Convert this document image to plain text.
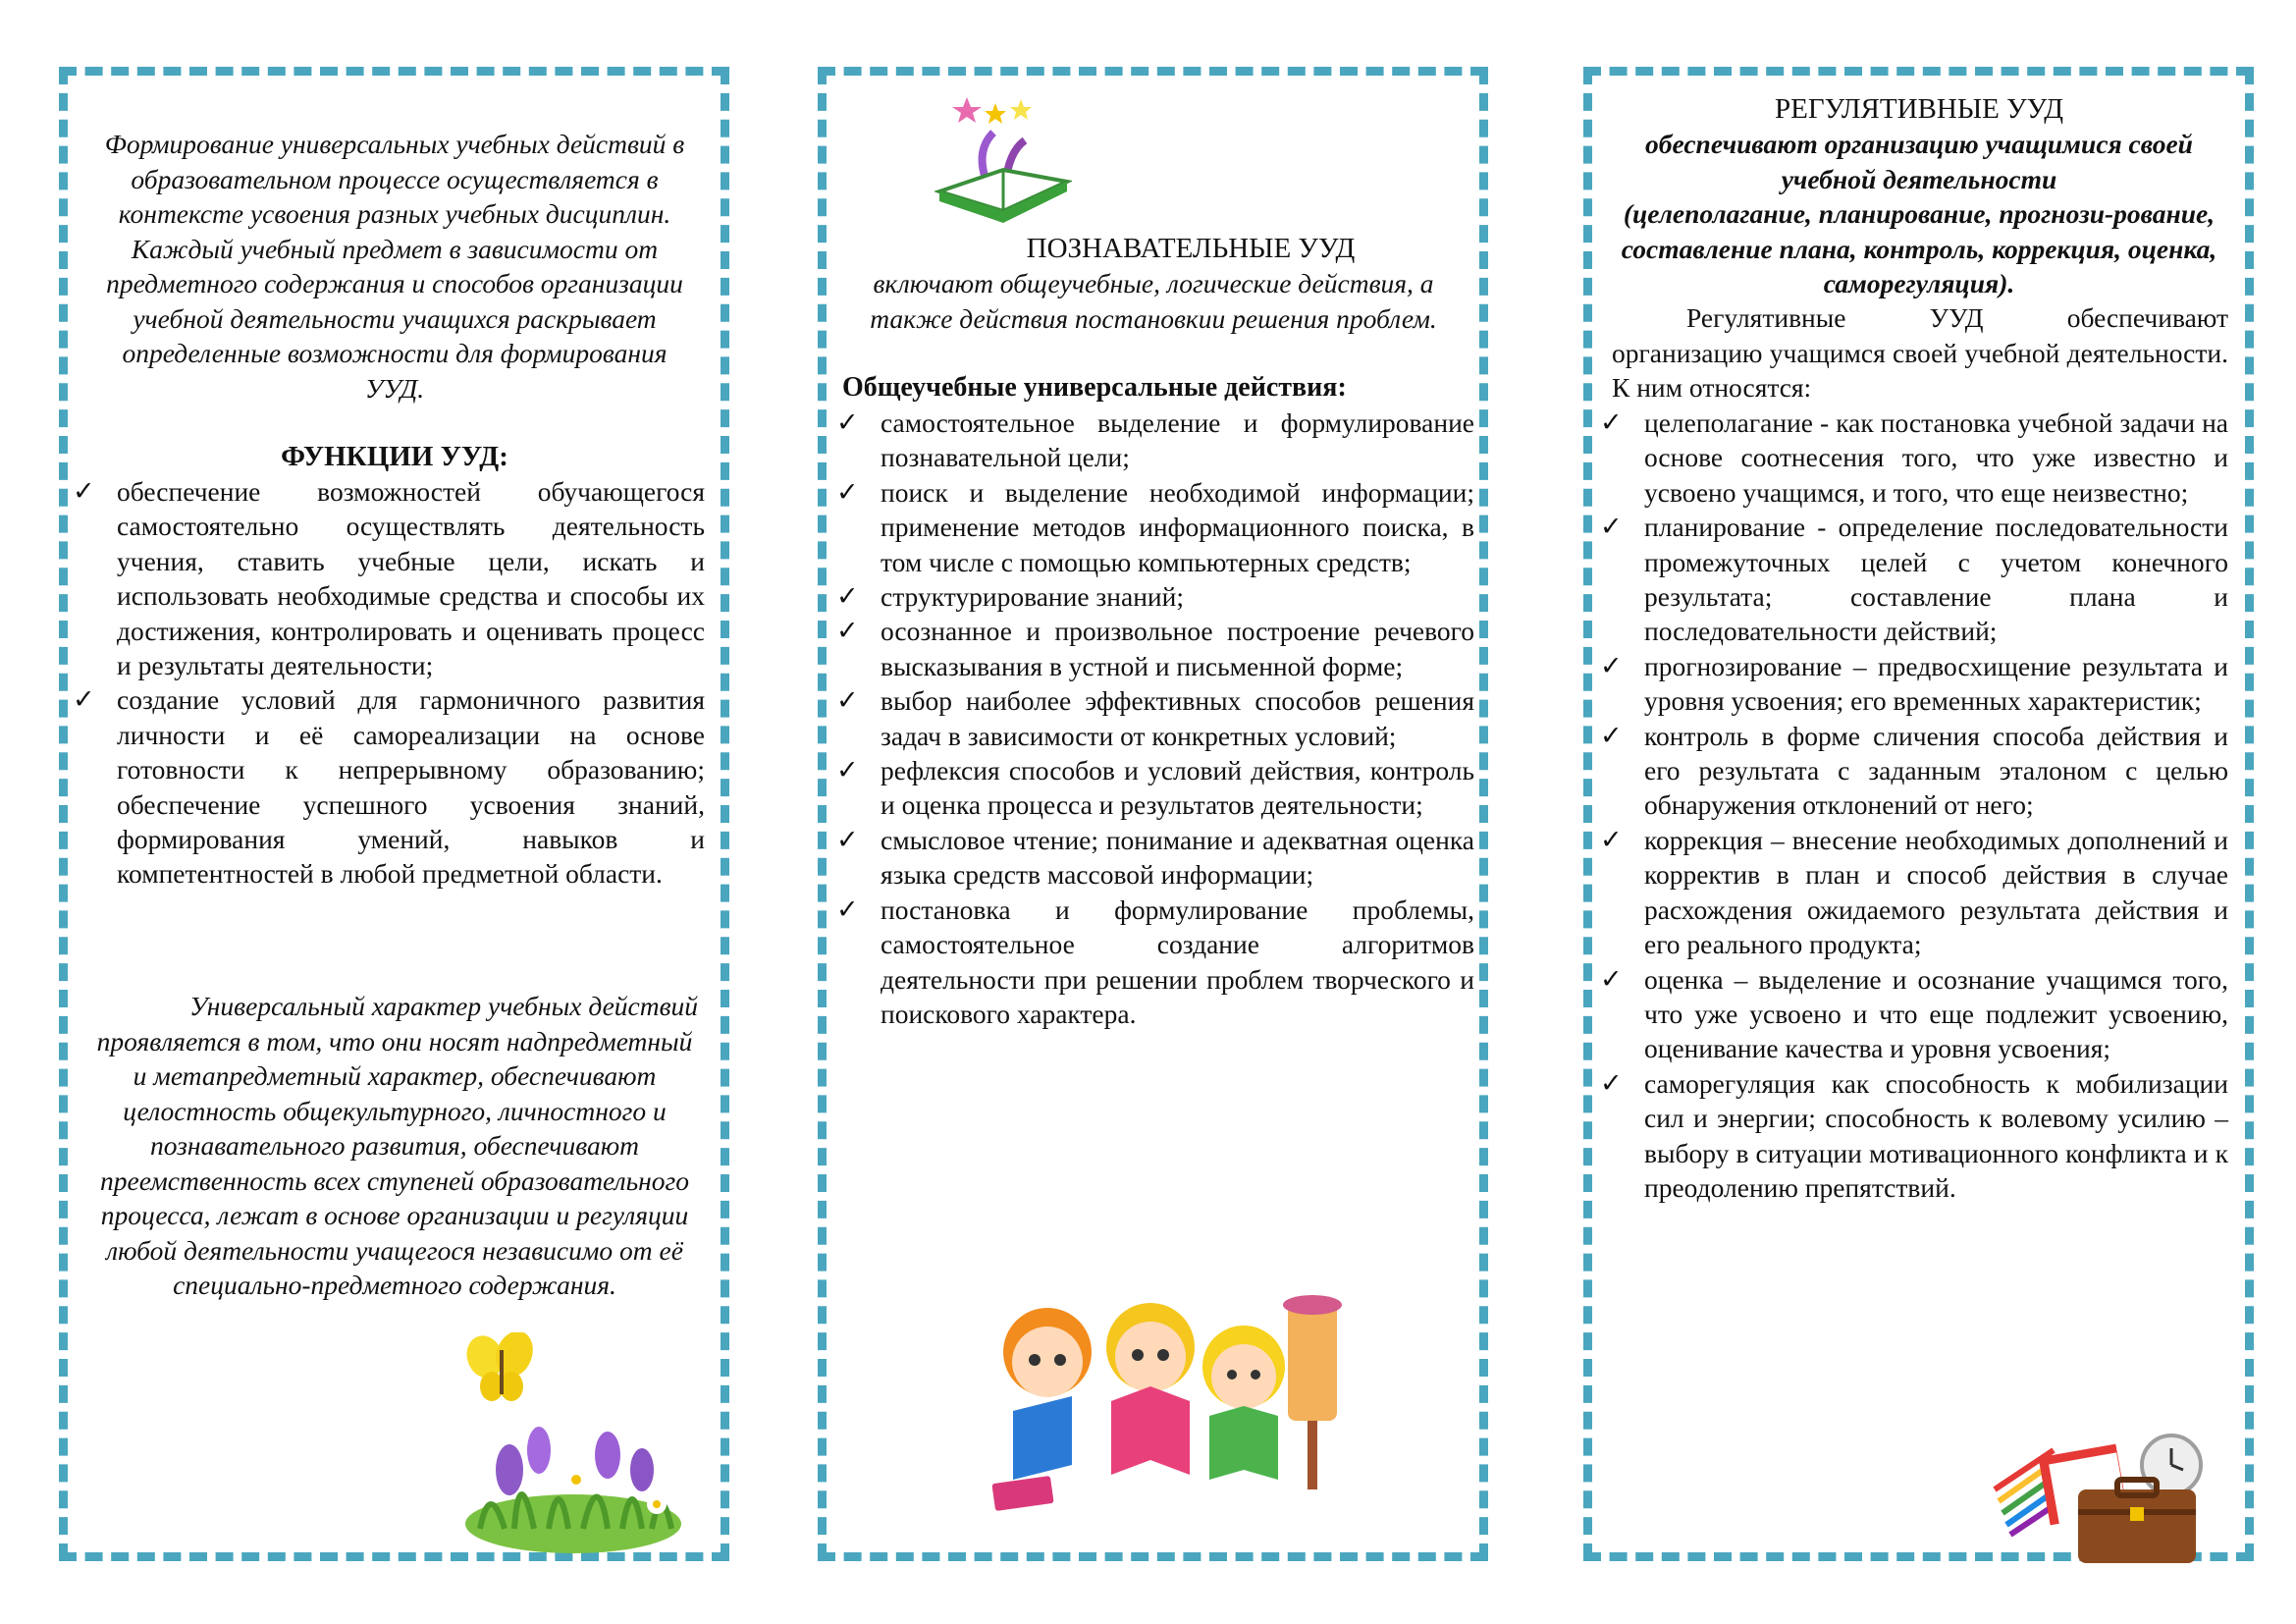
Формирование универсальных учебных действий в образовательном процессе осуществляется в контексте усвоения разных учебных дисциплин. Каждый учебный предмет в зависимости от предметного содержания и способов организации учебной деятельности учащихся раскрывает определенные возможности для формирования УУД.
ФУНКЦИИ УУД:
✓ обеспечение возможностей обучающегося самостоятельно осуществлять деятельность учения, ставить учебные цели, искать и использовать необходимые средства и способы их достижения, контролировать и оценивать процесс и результаты деятельности;
✓ создание условий для гармоничного развития личности и её самореализации на основе готовности к непрерывному образованию; обеспечение успешного усвоения знаний, формирования умений, навыков и компетентностей в любой предметной области.
Универсальный характер учебных действий проявляется в том, что они носят надпредметный и метапредметный характер, обеспечивают целостность общекультурного, личностного и познавательного развития, обеспечивают преемственность всех ступеней образовательного процесса, лежат в основе организации и регуляции любой деятельности учащегося независимо от её специально-предметного содержания.
ПОЗНАВАТЕЛЬНЫЕ УУД
включают общеучебные, логические действия, а также действия постановкии решения проблем.
Общеучебные универсальные действия:
✓ самостоятельное выделение и формулирование познавательной цели;
✓ поиск и выделение необходимой информации; применение методов информационного поиска, в том числе с помощью компьютерных средств;
✓ структурирование знаний;
✓ осознанное и произвольное построение речевого высказывания в устной и письменной форме;
✓ выбор наиболее эффективных способов решения задач в зависимости от конкретных условий;
✓ рефлексия способов и условий действия, контроль и оценка процесса и результатов деятельности;
✓ смысловое чтение; понимание и адекватная оценка языка средств массовой информации;
✓ постановка и формулирование проблемы, самостоятельное создание алгоритмов деятельности при решении проблем творческого и поискового характера.
РЕГУЛЯТИВНЫЕ УУД
обеспечивают организацию учащимися своей учебной деятельности
(целеполагание, планирование, прогнози-рование, составление плана, контроль, коррекция, оценка, саморегуляция).
Регулятивные УУД обеспечивают организацию учащимся своей учебной деятельности. К ним относятся:
✓ целеполагание - как постановка учебной задачи на основе соотнесения того, что уже известно и усвоено учащимся, и того, что еще неизвестно;
✓ планирование - определение последовательности промежуточных целей с учетом конечного результата; составление плана и последовательности действий;
✓ прогнозирование – предвосхищение результата и уровня усвоения; его временных характеристик;
✓ контроль в форме сличения способа действия и его результата с заданным эталоном с целью обнаружения отклонений от него;
✓ коррекция – внесение необходимых дополнений и корректив в план и способ действия в случае расхождения ожидаемого результата действия и его реального продукта;
✓ оценка – выделение и осознание учащимся того, что уже усвоено и что еще подлежит усвоению, оценивание качества и уровня усвоения;
✓ саморегуляция как способность к мобилизации сил и энергии; способность к волевому усилию – выбору в ситуации мотивационного конфликта и к преодолению препятствий.
